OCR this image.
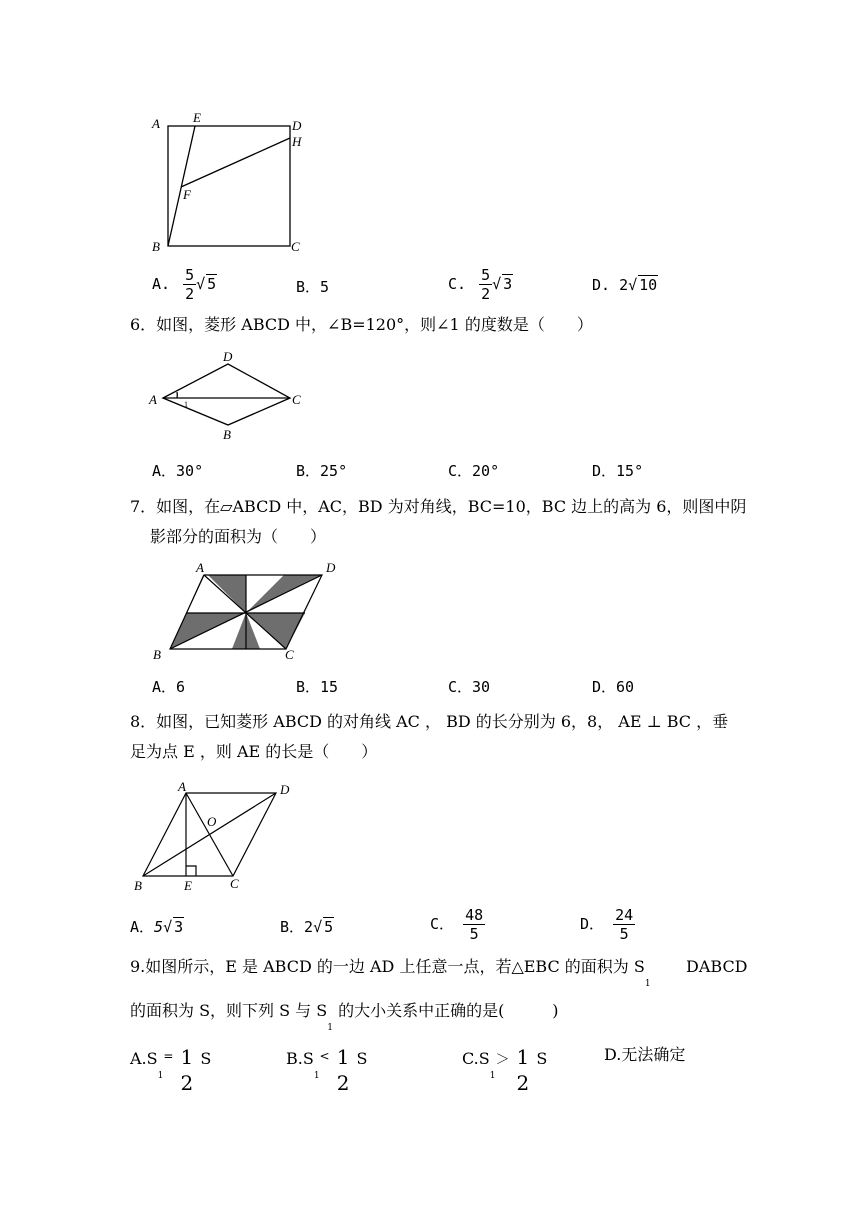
A	E
D
H
F
B	C
A. $\frac{5}{2}$ √ 5	B．5	C. $\frac{5}{2}$ √ 3	D. 2√ 10
6．如图，菱形 ABCD 中，∠B=120°，则∠1 的度数是（　　）
A
D
C
B
1
A．30°	B．25°	C．20°	D．15°
7．如图，在▱ABCD 中，AC，BD 为对角线，BC=10，BC 边上的高为 6，则图中阴
影部分的面积为（　　）
A	D
B	C
A．6	B．15	C．30	D．60
8．如图，已知菱形 ABCD 的对角线 AC ， BD 的长分别为 6，8， AE ⊥ BC ，垂
足为点 E ，则 AE 的长是（　　）
A	D
O
B	E	C
A．5√ 3	B．2√ 5	C． $\frac{48}{5}$	D． $\frac{24}{5}$
9.如图所示，E 是 ABCD 的一边 AD 上任意一点，若△EBC 的面积为 $S_1$
DABCD
的面积为 S，则下列 S 与 $S_1$ 的大小关系中正确的是(　　　)
$A.S_1^=$ 1
2
S	$B.S_1^<$ 1
2
S	$C.S_1> 1$
2
S	D.无法确定
